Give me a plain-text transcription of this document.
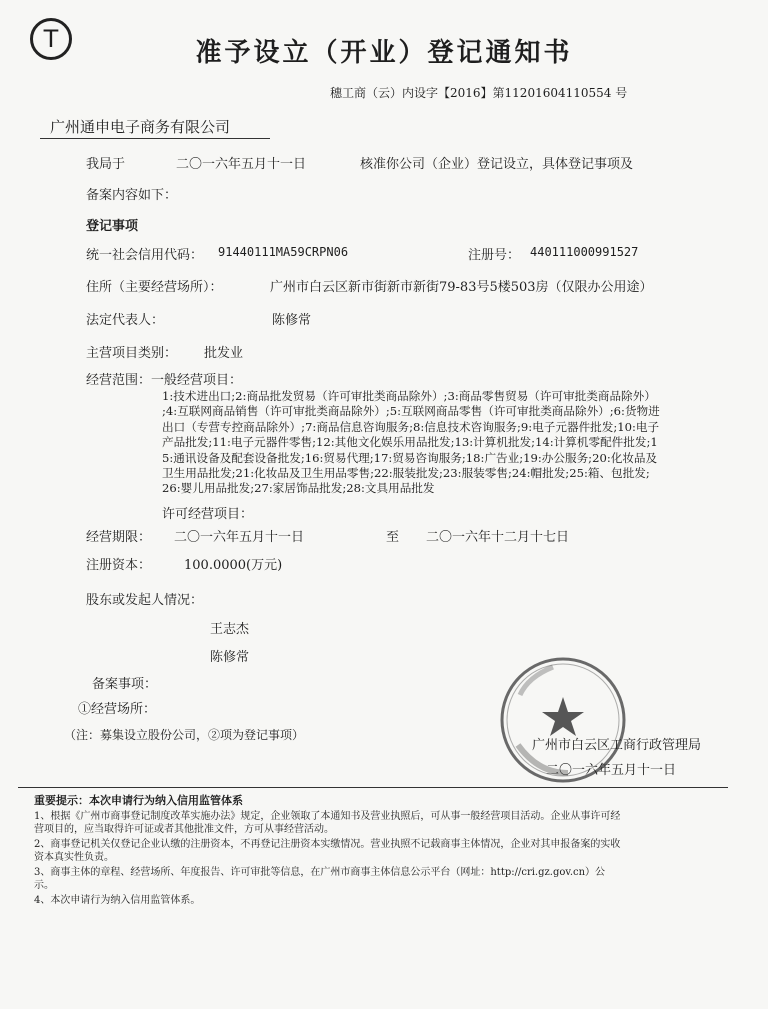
T	准予设立（开业）登记通知书
穗工商（云）内设字【2016】第11201604110554 号
广州通申电子商务有限公司
我局于	二〇一六年五月十一日	核准你公司（企业）登记设立，具体登记事项及
备案内容如下：
登记事项
统一社会信用代码： 91440111MA59CRPN06	注册号： 440111000991527
住所（主要经营场所）：	广州市白云区新市街新市新街79-83号5楼503房（仅限办公用途）
法定代表人：	陈修常
主营项目类别： 批发业
经营范围：一般经营项目：
1:技术进出口;2:商品批发贸易（许可审批类商品除外）;3:商品零售贸易（许可审批类商品除外）
;4:互联网商品销售（许可审批类商品除外）;5:互联网商品零售（许可审批类商品除外）;6:货物进
出口（专营专控商品除外）;7:商品信息咨询服务;8:信息技术咨询服务;9:电子元器件批发;10:电子
产品批发;11:电子元器件零售;12:其他文化娱乐用品批发;13:计算机批发;14:计算机零配件批发;1
5:通讯设备及配套设备批发;16:贸易代理;17:贸易咨询服务;18:广告业;19:办公服务;20:化妆品及
卫生用品批发;21:化妆品及卫生用品零售;22:服装批发;23:服装零售;24:帽批发;25:箱、包批发;
26:婴儿用品批发;27:家居饰品批发;28:文具用品批发
许可经营项目：
经营期限： 二〇一六年五月十一日	至 二〇一六年十二月十七日
注册资本：	100.0000(万元)
股东或发起人情况：
王志杰
陈修常
备案事项：
①经营场所：
（注：募集设立股份公司，②项为登记事项）
广州市白云区工商行政管理局
二〇一六年五月十一日
重要提示：本次申请行为纳入信用监管体系

1、根据《广州市商事登记制度改革实施办法》规定，企业领取了本通知书及营业执照后，可从事一般经营项目活动。企业从事许可经

营项目的，应当取得许可证或者其他批准文件，方可从事经营活动。

2、商事登记机关仅登记企业认缴的注册资本，不再登记注册资本实缴情况。营业执照不记载商事主体情况，企业对其申报备案的实收

资本真实性负责。

3、商事主体的章程、经营场所、年度报告、许可审批等信息，在广州市商事主体信息公示平台（网址：http://cri.gz.gov.cn）公

示。

4、本次申请行为纳入信用监管体系。
